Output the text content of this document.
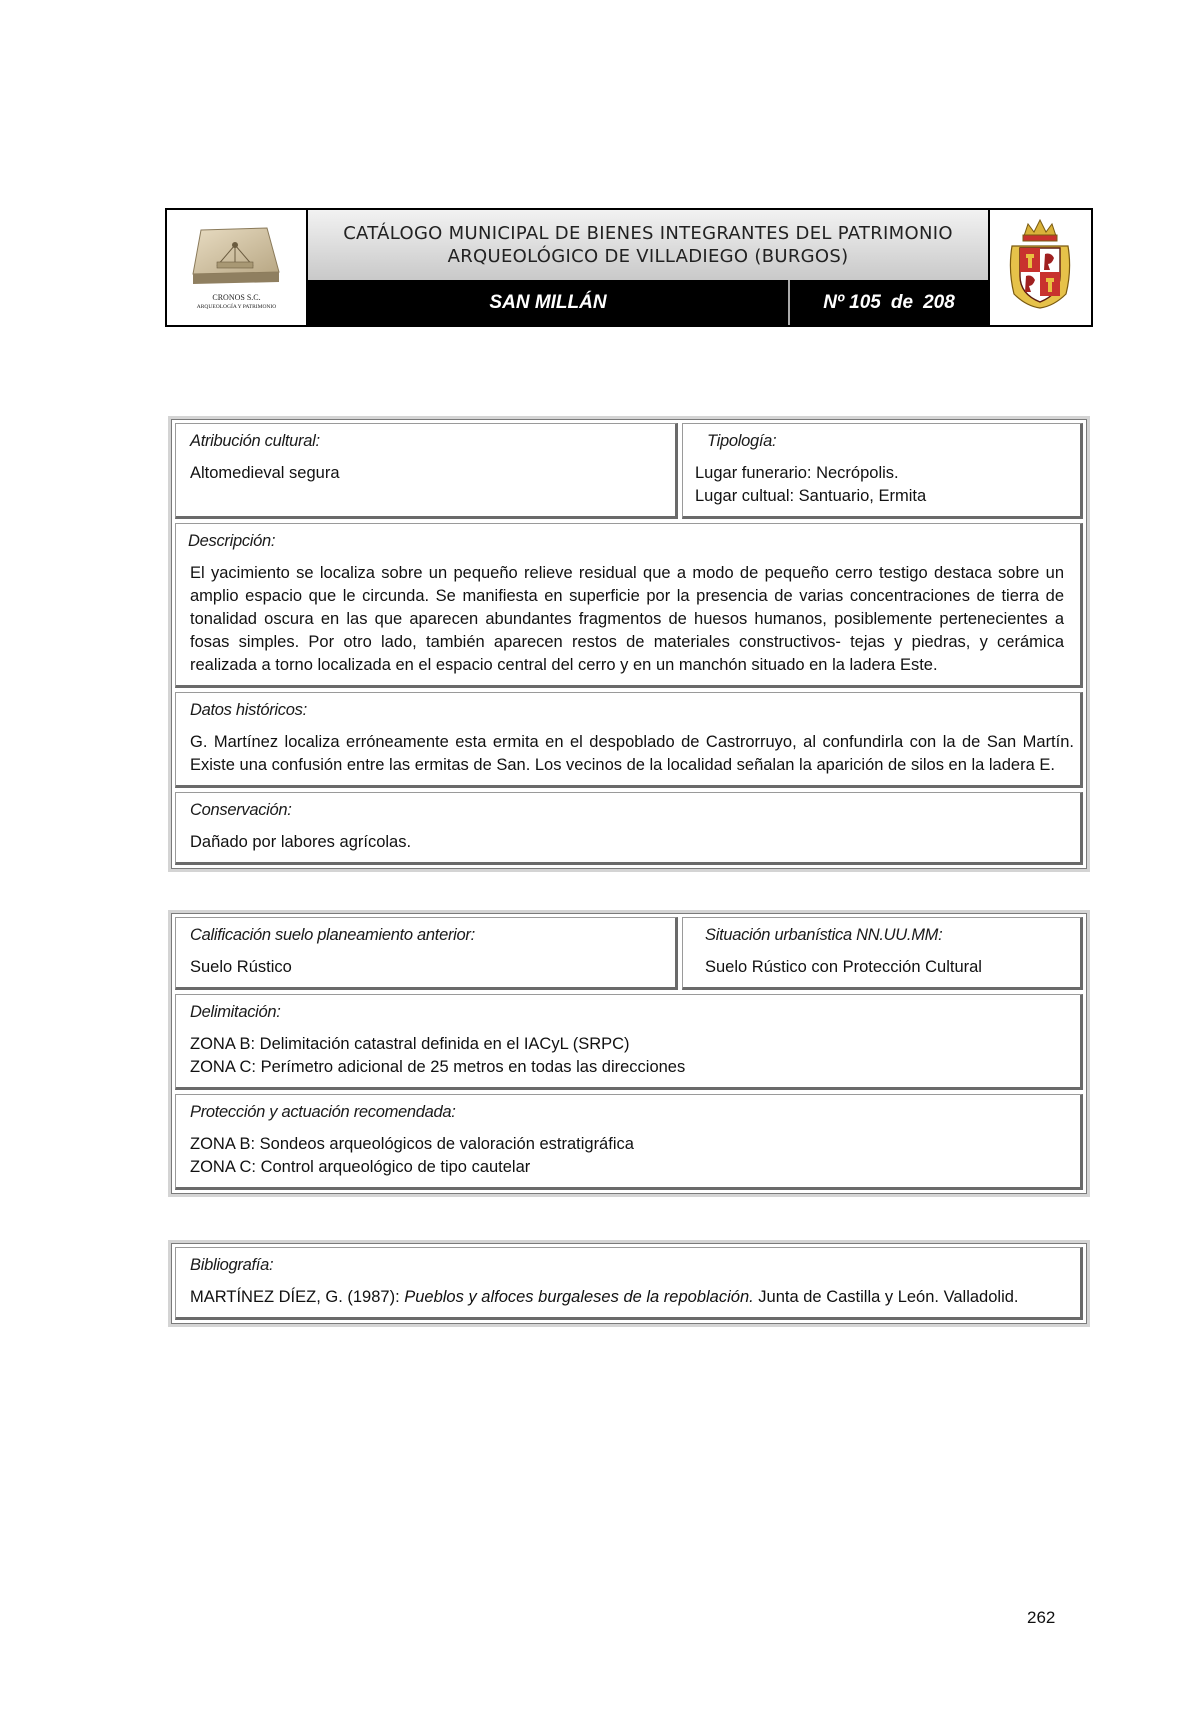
CRONOS S.C.
ARQUEOLOGÍA Y PATRIMONIO
CATÁLOGO MUNICIPAL DE BIENES INTEGRANTES DEL PATRIMONIO
ARQUEOLÓGICO DE VILLADIEGO (BURGOS)
SAN MILLÁN	Nº 105 de 208
Atribución cultural:
Altomedieval segura
Tipología:

Lugar funerario: Necrópolis.

Lugar cultual: Santuario, Ermita

Descripción:
El yacimiento se localiza sobre un pequeño relieve residual que a modo de pequeño cerro testigo destaca sobre un amplio espacio que le circunda. Se manifiesta en superficie por la presencia de varias concentraciones de tierra de tonalidad oscura en las que aparecen abundantes fragmentos de huesos humanos, posiblemente pertenecientes a fosas simples. Por otro lado, también aparecen restos de materiales constructivos- tejas y piedras, y cerámica realizada a torno localizada en el espacio central del cerro y en un manchón situado en la ladera Este.
Datos históricos:
G. Martínez localiza erróneamente esta ermita en el despoblado de Castrorruyo, al confundirla con la de San Martín. Existe una confusión entre las ermitas de San. Los vecinos de la localidad señalan la aparición de silos en la ladera E.
Conservación:
Dañado por labores agrícolas.
Calificación suelo planeamiento anterior:
Suelo Rústico
Situación urbanística NN.UU.MM:
Suelo Rústico con Protección Cultural
Delimitación:

ZONA B: Delimitación catastral definida en el IACyL (SRPC)

ZONA C: Perímetro adicional de 25 metros en todas las direcciones

Protección y actuación recomendada:

ZONA B: Sondeos arqueológicos de valoración estratigráfica

ZONA C: Control arqueológico de tipo cautelar

Bibliografía:
MARTÍNEZ DÍEZ, G. (1987): Pueblos y alfoces burgaleses de la repoblación. Junta de Castilla y León. Valladolid.
262
